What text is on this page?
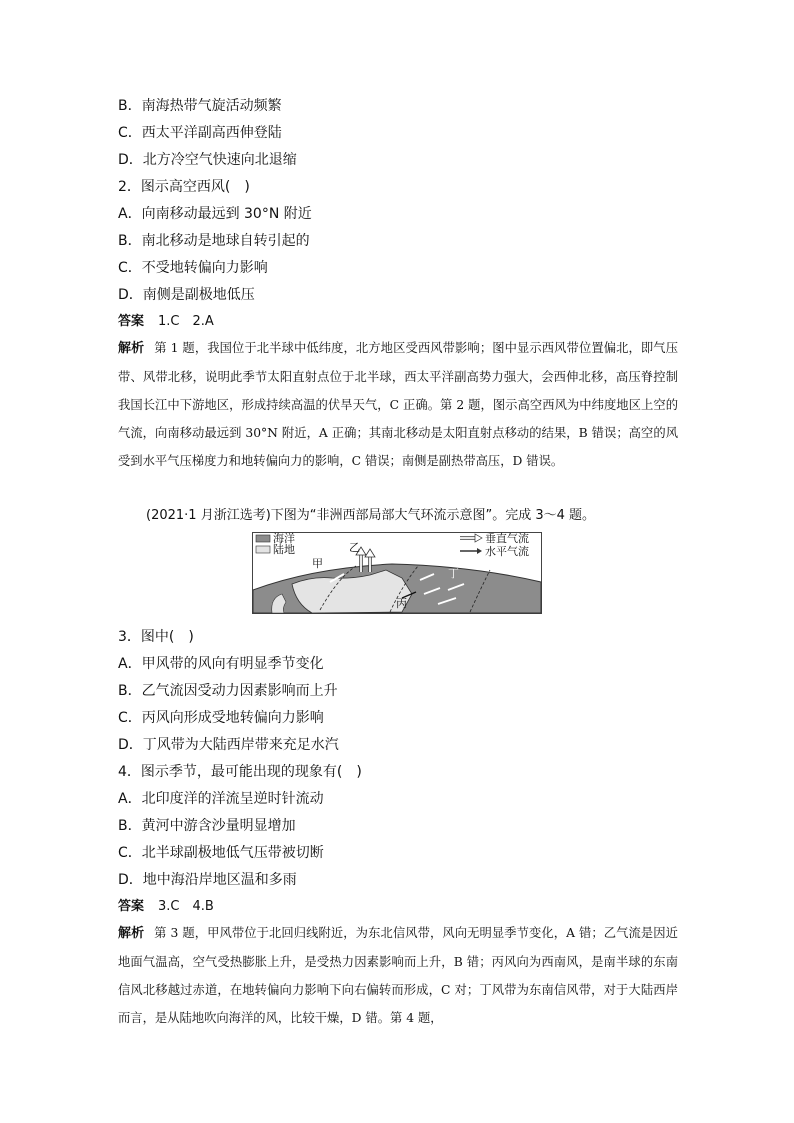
B．南海热带气旋活动频繁
C．西太平洋副高西伸登陆
D．北方冷空气快速向北退缩
2．图示高空西风(　)
A．向南移动最远到 30°N 附近
B．南北移动是地球自转引起的
C．不受地转偏向力影响
D．南侧是副极地低压
答案 1.C　2.A
解析 第 1 题，我国位于北半球中低纬度，北方地区受西风带影响；图中显示西风带位置偏北，即气压带、风带北移，说明此季节太阳直射点位于北半球，西太平洋副高势力强大，会西伸北移，高压脊控制我国长江中下游地区，形成持续高温的伏旱天气，C 正确。第 2 题，图示高空西风为中纬度地区上空的气流，向南移动最远到 30°N 附近，A 正确；其南北移动是太阳直射点移动的结果，B 错误；高空的风受到水平气压梯度力和地转偏向力的影响，C 错误；南侧是副热带高压，D 错误。
(2021·1 月浙江选考)下图为“非洲西部局部大气环流示意图”。完成 3～4 题。
海洋
陆地
垂直气流
水平气流
甲
乙
丙
丁
3．图中(　)
A．甲风带的风向有明显季节变化
B．乙气流因受动力因素影响而上升
C．丙风向形成受地转偏向力影响
D．丁风带为大陆西岸带来充足水汽
4．图示季节，最可能出现的现象有(　)
A．北印度洋的洋流呈逆时针流动
B．黄河中游含沙量明显增加
C．北半球副极地低气压带被切断
D．地中海沿岸地区温和多雨
答案 3.C　4.B
解析 第 3 题，甲风带位于北回归线附近，为东北信风带，风向无明显季节变化，A 错；乙气流是因近地面气温高，空气受热膨胀上升，是受热力因素影响而上升，B 错；丙风向为西南风，是南半球的东南信风北移越过赤道，在地转偏向力影响下向右偏转而形成，C 对；丁风带为东南信风带，对于大陆西岸而言，是从陆地吹向海洋的风，比较干燥，D 错。第 4 题，
